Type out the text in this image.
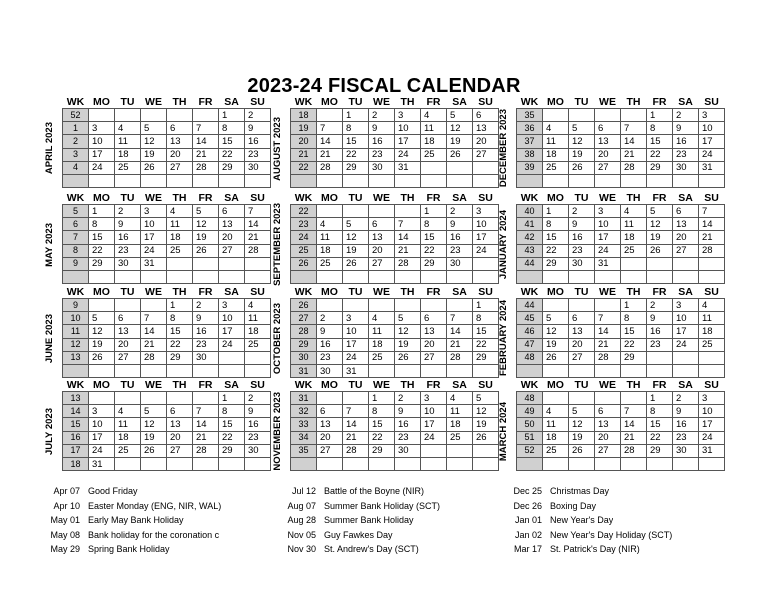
2023-24 FISCAL CALENDAR
APRIL 2023
WK	MO	TU	WE	TH	FR	SA	SU
52						1	2
1	3	4	5	6	7	8	9
2	10	11	12	13	14	15	16
3	17	18	19	20	21	22	23
4	24	25	26	27	28	29	30

MAY 2023
WK	MO	TU	WE	TH	FR	SA	SU
5	1	2	3	4	5	6	7
6	8	9	10	11	12	13	14
7	15	16	17	18	19	20	21
8	22	23	24	25	26	27	28
9	29	30	31				

JUNE 2023
WK	MO	TU	WE	TH	FR	SA	SU
9				1	2	3	4
10	5	6	7	8	9	10	11
11	12	13	14	15	16	17	18
12	19	20	21	22	23	24	25
13	26	27	28	29	30		

JULY 2023
WK	MO	TU	WE	TH	FR	SA	SU
13						1	2
14	3	4	5	6	7	8	9
15	10	11	12	13	14	15	16
16	17	18	19	20	21	22	23
17	24	25	26	27	28	29	30
18	31						
AUGUST 2023
WK	MO	TU	WE	TH	FR	SA	SU
18		1	2	3	4	5	6
19	7	8	9	10	11	12	13
20	14	15	16	17	18	19	20
21	21	22	23	24	25	26	27
22	28	29	30	31			

SEPTEMBER 2023
WK	MO	TU	WE	TH	FR	SA	SU
22					1	2	3
23	4	5	6	7	8	9	10
24	11	12	13	14	15	16	17
25	18	19	20	21	22	23	24
26	25	26	27	28	29	30	

OCTOBER 2023
WK	MO	TU	WE	TH	FR	SA	SU
26							1
27	2	3	4	5	6	7	8
28	9	10	11	12	13	14	15
29	16	17	18	19	20	21	22
30	23	24	25	26	27	28	29
31	30	31					
NOVEMBER 2023
WK	MO	TU	WE	TH	FR	SA	SU
31			1	2	3	4	5
32	6	7	8	9	10	11	12
33	13	14	15	16	17	18	19
34	20	21	22	23	24	25	26
35	27	28	29	30			

DECEMBER 2023
WK	MO	TU	WE	TH	FR	SA	SU
35					1	2	3
36	4	5	6	7	8	9	10
37	11	12	13	14	15	16	17
38	18	19	20	21	22	23	24
39	25	26	27	28	29	30	31

JANUARY 2024
WK	MO	TU	WE	TH	FR	SA	SU
40	1	2	3	4	5	6	7
41	8	9	10	11	12	13	14
42	15	16	17	18	19	20	21
43	22	23	24	25	26	27	28
44	29	30	31				

FEBRUARY 2024
WK	MO	TU	WE	TH	FR	SA	SU
44				1	2	3	4
45	5	6	7	8	9	10	11
46	12	13	14	15	16	17	18
47	19	20	21	22	23	24	25
48	26	27	28	29			

MARCH 2024
WK	MO	TU	WE	TH	FR	SA	SU
48					1	2	3
49	4	5	6	7	8	9	10
50	11	12	13	14	15	16	17
51	18	19	20	21	22	23	24
52	25	26	27	28	29	30	31

Apr 07 Good Friday
Apr 10 Easter Monday (ENG, NIR, WAL)
May 01 Early May Bank Holiday
May 08 Bank holiday for the coronation c
May 29 Spring Bank Holiday
Jul 12 Battle of the Boyne (NIR)
Aug 07 Summer Bank Holiday (SCT)
Aug 28 Summer Bank Holiday
Nov 05 Guy Fawkes Day
Nov 30 St. Andrew's Day (SCT)
Dec 25 Christmas Day
Dec 26 Boxing Day
Jan 01 New Year's Day
Jan 02 New Year's Day Holiday (SCT)
Mar 17 St. Patrick's Day (NIR)
